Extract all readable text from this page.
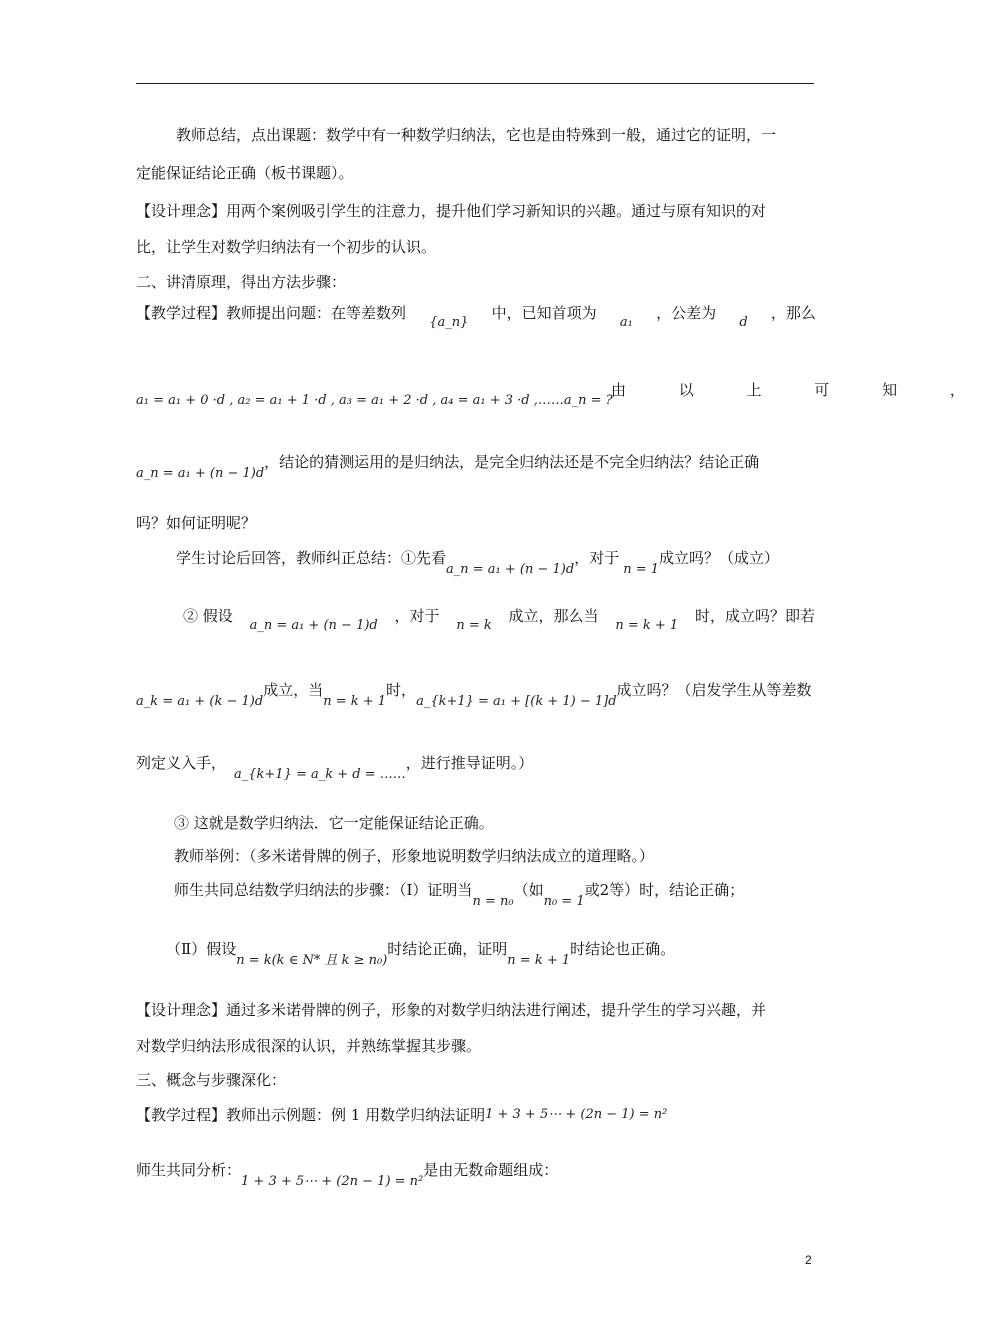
教师总结，点出课题：数学中有一种数学归纳法，它也是由特殊到一般，通过它的证明，一
定能保证结论正确（板书课题）。
【设计理念】用两个案例吸引学生的注意力，提升他们学习新知识的兴趣。通过与原有知识的对
比，让学生对数学归纳法有一个初步的认识。
二、讲清原理，得出方法步骤：
【教学过程】教师提出问题：在等差数列
{a_n}
中，已知首项为
a₁
，公差为
d
，那么
a₁ = a₁ + 0 ·d , a₂ = a₁ + 1 ·d , a₃ = a₁ + 2 ·d , a₄ = a₁ + 3 ·d ,……a_n = ?
由 以 上 可 知 ，
a_n = a₁ + (n − 1)d，结论的猜测运用的是归纳法，是完全归纳法还是不完全归纳法？结论正确
吗？如何证明呢？
学生讨论后回答，教师纠正总结：①先看a_n = a₁ + (n − 1)d，对于n = 1成立吗？（成立）
② 假设
a_n = a₁ + (n − 1)d
，对于
n = k
成立，那么当
n = k + 1
时，成立吗？即若
a_k = a₁ + (k − 1)d成立，当n = k + 1时，a_{k+1} = a₁ + [(k + 1) − 1]d成立吗？（启发学生从等差数
列定义入手，a_{k+1} = a_k + d = ……，进行推导证明。）
③ 这就是数学归纳法．它一定能保证结论正确。
教师举例：（多米诺骨牌的例子，形象地说明数学归纳法成立的道理略。）
师生共同总结数学归纳法的步骤：（Ⅰ）证明当n = n₀（如n₀ = 1或2等）时，结论正确；
（Ⅱ）假设n = k(k ∈ N* 且 k ≥ n₀)时结论正确，证明n = k + 1时结论也正确。
【设计理念】通过多米诺骨牌的例子，形象的对数学归纳法进行阐述，提升学生的学习兴趣，并
对数学归纳法形成很深的认识，并熟练掌握其步骤。
三、概念与步骤深化：
【教学过程】教师出示例题：例 1 用数学归纳法证明1 + 3 + 5⋯ + (2n − 1) = n²
师生共同分析：1 + 3 + 5⋯ + (2n − 1) = n²是由无数命题组成：
2
